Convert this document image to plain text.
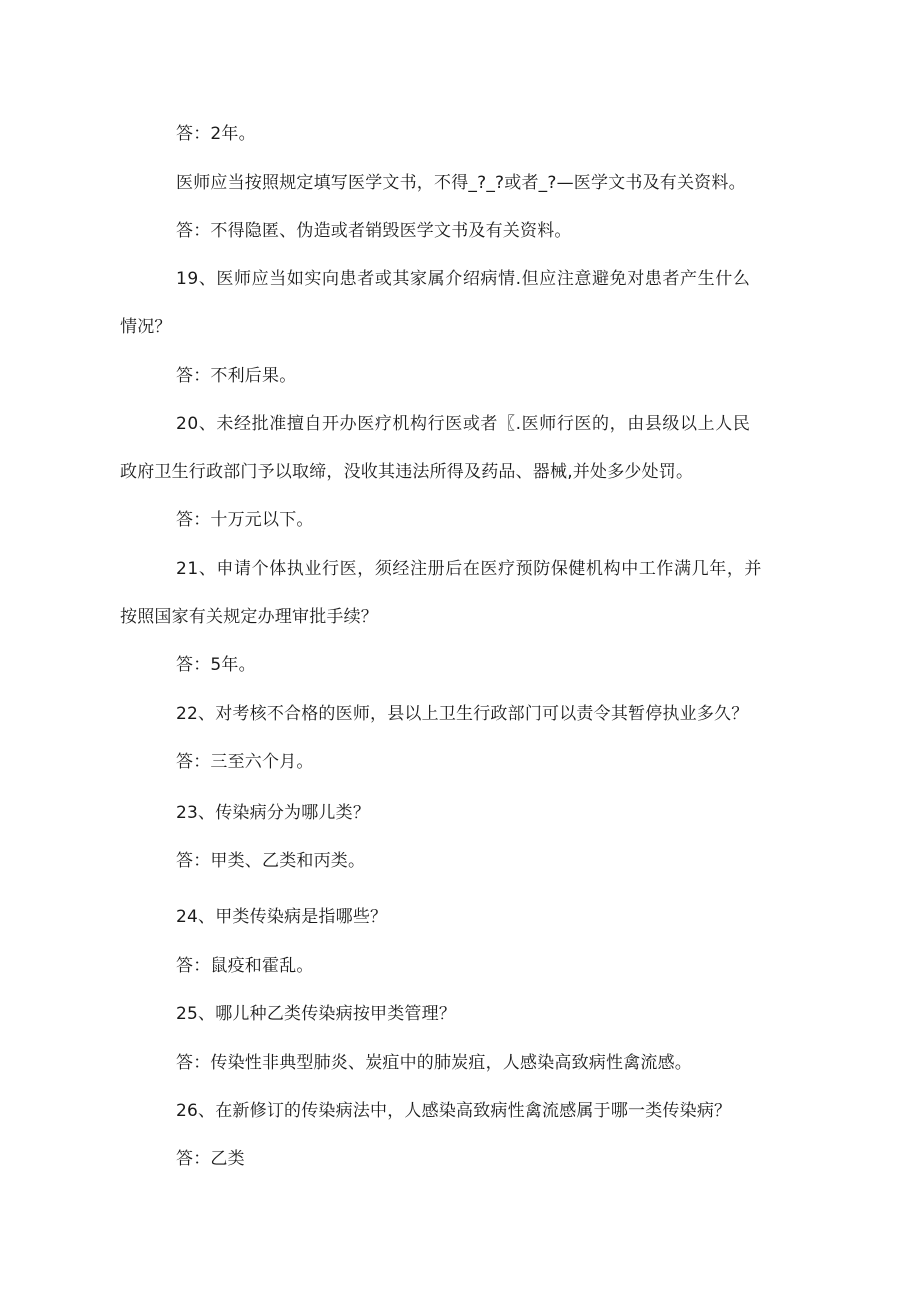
答：2年。
医师应当按照规定填写医学文书，不得_?_?或者_?—医学文书及有关资料。
答：不得隐匿、伪造或者销毁医学文书及有关资料。
19、医师应当如实向患者或其家属介绍病情.但应注意避免对患者产生什么
情况？
答：不利后果。
20、未经批准擅自开办医疗机构行医或者〖.医师行医的，由县级以上人民
政府卫生行政部门予以取缔，没收其违法所得及药品、器械,并处多少处罚。
答：十万元以下。
21、申请个体执业行医，须经注册后在医疗预防保健机构中工作满几年，并
按照国家有关规定办理审批手续？
答：5年。
22、对考核不合格的医师，县以上卫生行政部门可以责令其暂停执业多久？
答：三至六个月。
23、传染病分为哪儿类？
答：甲类、乙类和丙类。
24、甲类传染病是指哪些？
答：鼠疫和霍乱。
25、哪儿种乙类传染病按甲类管理？
答：传染性非典型肺炎、炭疽中的肺炭疽，人感染高致病性禽流感。
26、在新修订的传染病法中，人感染高致病性禽流感属于哪一类传染病？
答：乙类
